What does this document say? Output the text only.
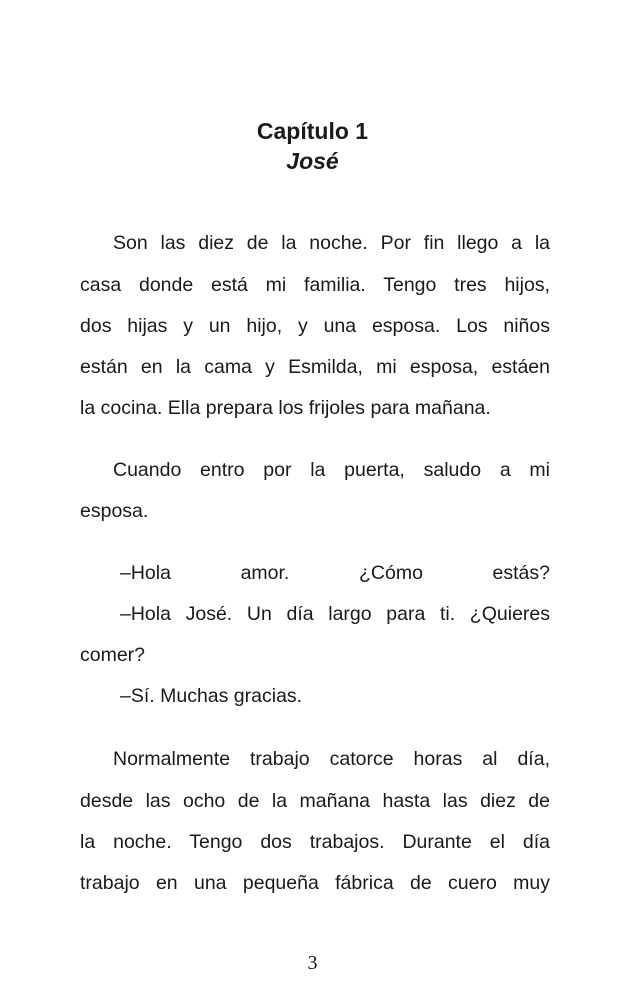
Capítulo 1
José
Son las diez de la noche. Por fin llego a la
casa donde está mi familia. Tengo tres hijos,
dos hijas y un hijo, y una esposa. Los niños
están en la cama y Esmilda, mi esposa, estáen
la cocina. Ella prepara los frijoles para mañana.
Cuando entro por la puerta, saludo a mi
esposa.
–Hola amor. ¿Cómo estás?
–Hola José. Un día largo para ti. ¿Quieres
comer?
–Sí. Muchas gracias.
Normalmente trabajo catorce horas al día,
desde las ocho de la mañana hasta las diez de
la noche. Tengo dos trabajos. Durante el día
trabajo en una pequeña fábrica de cuero muy
3
